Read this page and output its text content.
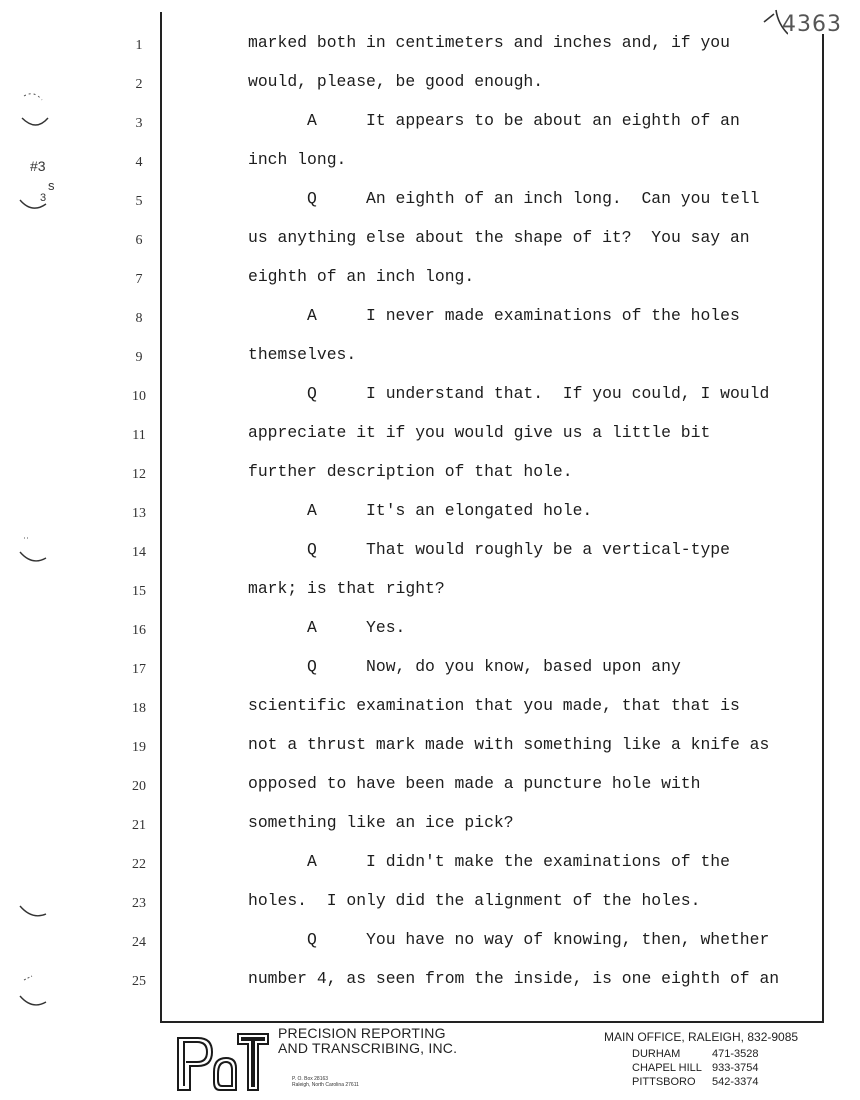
4363
#3
s
3
1	marked both in centimeters and inches and, if you
2	would, please, be good enough.
3	A     It appears to be about an eighth of an
4	inch long.
5	Q     An eighth of an inch long.  Can you tell
6	us anything else about the shape of it?  You say an
7	eighth of an inch long.
8	A     I never made examinations of the holes
9	themselves.
10	Q     I understand that.  If you could, I would
11	appreciate it if you would give us a little bit
12	further description of that hole.
13	A     It's an elongated hole.
14	Q     That would roughly be a vertical-type
15	mark; is that right?
16	A     Yes.
17	Q     Now, do you know, based upon any
18	scientific examination that you made, that that is
19	not a thrust mark made with something like a knife as
20	opposed to have been made a puncture hole with
21	something like an ice pick?
22	A     I didn't make the examinations of the
23	holes.  I only did the alignment of the holes.
24	Q     You have no way of knowing, then, whether
25	number 4, as seen from the inside, is one eighth of an
P&T	PRECISION REPORTING
AND TRANSCRIBING, INC.
P. O. Box 28163
Raleigh, North Carolina 27611
MAIN OFFICE, RALEIGH, 832-9085
DURHAM	471-3528
CHAPEL HILL 933-3754
PITTSBORO 542-3374
